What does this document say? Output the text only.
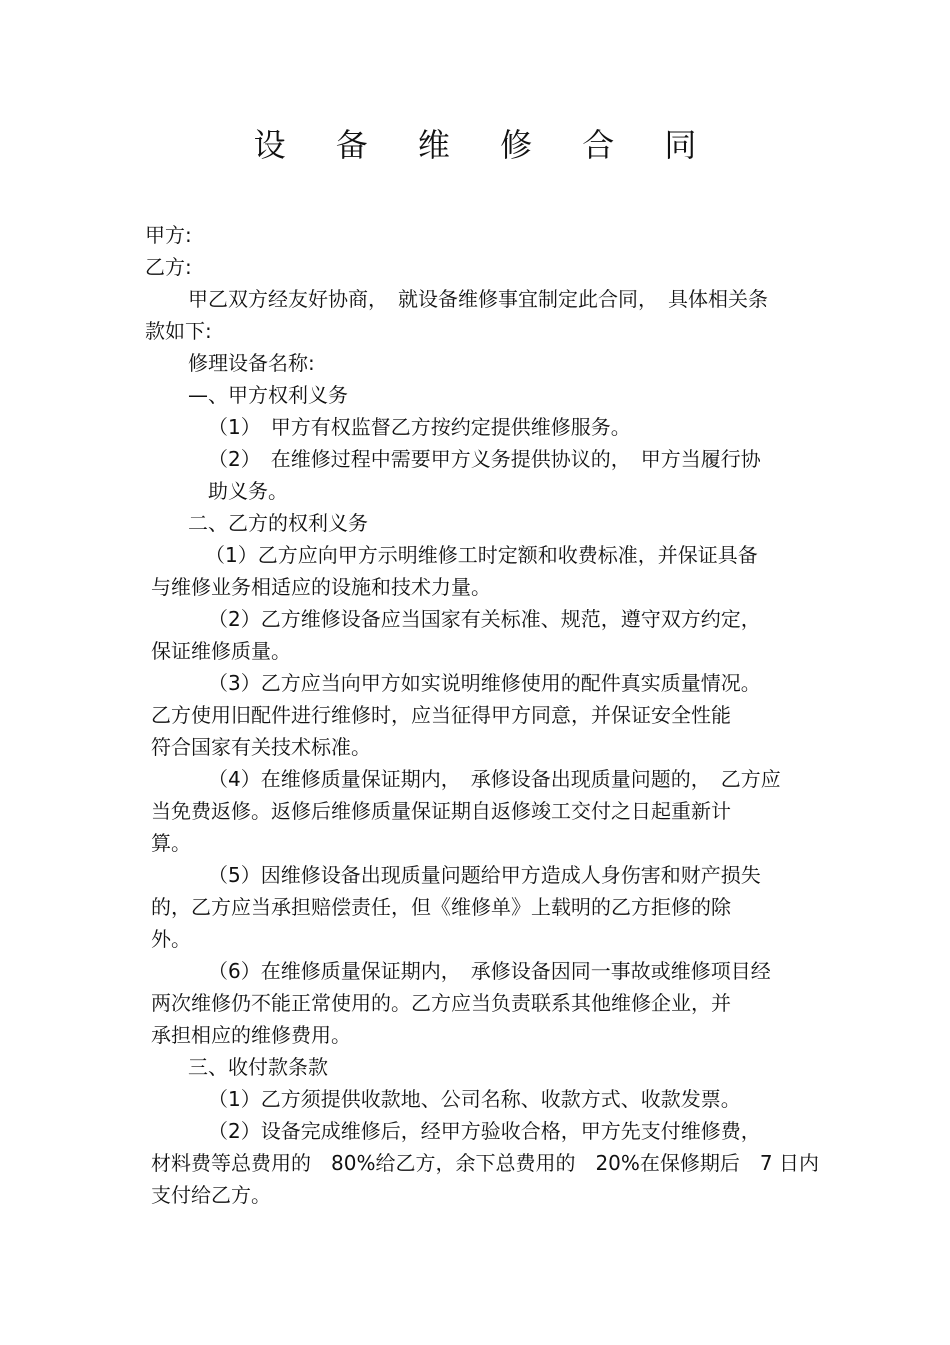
设 备 维 修 合 同
甲方:
乙方:
甲乙双方经友好协商，　就设备维修事宜制定此合同，　具体相关条
款如下:
修理设备名称:
—、甲方权利义务
（1）　甲方有权监督乙方按约定提供维修服务。
（2）　在维修过程中需要甲方义务提供协议的，　甲方当履行协
助义务。
二、乙方的权利义务
（1）乙方应向甲方示明维修工时定额和收费标准，并保证具备
与维修业务相适应的设施和技术力量。
（2）乙方维修设备应当国家有关标准、规范，遵守双方约定，
保证维修质量。
（3）乙方应当向甲方如实说明维修使用的配件真实质量情况。
乙方使用旧配件进行维修时，应当征得甲方同意，并保证安全性能
符合国家有关技术标准。
（4）在维修质量保证期内，　承修设备出现质量问题的，　乙方应
当免费返修。返修后维修质量保证期自返修竣工交付之日起重新计
算。
（5）因维修设备出现质量问题给甲方造成人身伤害和财产损失
的，乙方应当承担赔偿责任，但《维修单》上载明的乙方拒修的除
外。
（6）在维修质量保证期内，　承修设备因同一事故或维修项目经
两次维修仍不能正常使用的。乙方应当负责联系其他维修企业，并
承担相应的维修费用。
三、收付款条款
（1）乙方须提供收款地、公司名称、收款方式、收款发票。
（2）设备完成维修后，经甲方验收合格，甲方先支付维修费，
材料费等总费用的　80%给乙方，余下总费用的　20%在保修期后　7 日内
支付给乙方。
